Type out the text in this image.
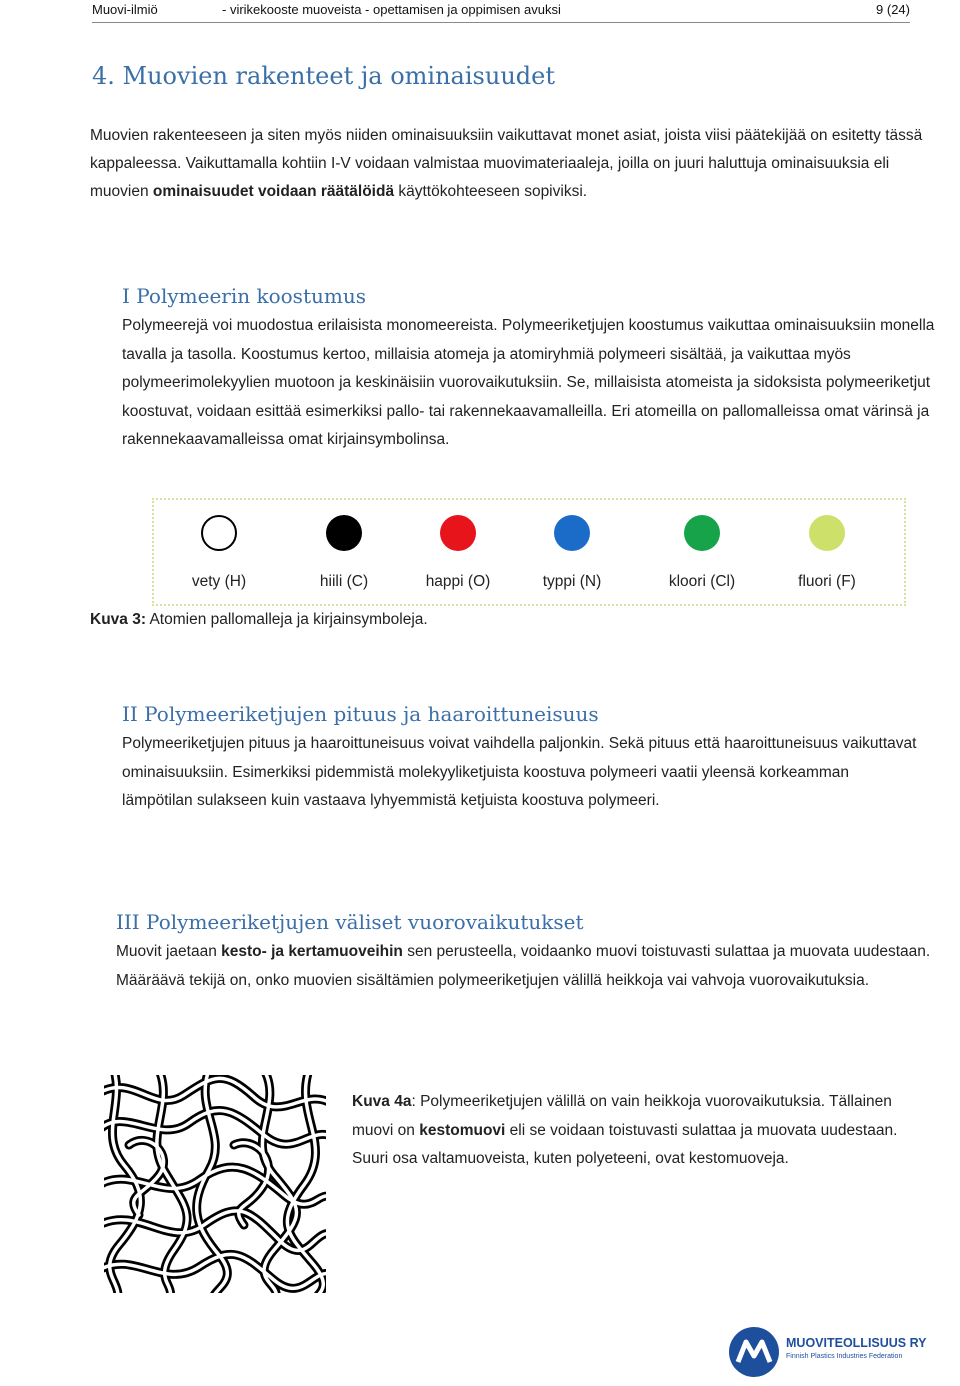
Muovi-ilmiö	- virikekooste muoveista - opettamisen ja oppimisen avuksi	9 (24)
4. Muovien rakenteet ja ominaisuudet

Muovien rakenteeseen ja siten myös niiden ominaisuuksiin vaikuttavat monet asiat, joista viisi päätekijää on esitetty tässä kappaleessa. Vaikuttamalla kohtiin I-V voidaan valmistaa muovimateriaaleja, joilla on juuri haluttuja ominaisuuksia eli muovien ominaisuudet voidaan räätälöidä käyttökohteeseen sopiviksi.

I Polymeerin koostumus

Polymeerejä voi muodostua erilaisista monomeereista. Polymeeriketjujen koostumus vaikuttaa ominaisuuksiin monella tavalla ja tasolla. Koostumus kertoo, millaisia atomeja ja atomiryhmiä polymeeri sisältää, ja vaikuttaa myös polymeerimolekyylien muotoon ja keskinäisiin vuorovaikutuksiin. Se, millaisista atomeista ja sidoksista polymeeriketjut koostuvat, voidaan esittää esimerkiksi pallo- tai rakennekaavamalleilla. Eri atomeilla on pallomalleissa omat värinsä ja rakennekaavamalleissa omat kirjainsymbolinsa.

vety (H)	hiili (C)	happi (O)	typpi (N)	kloori (Cl)	fluori (F)

Kuva 3: Atomien pallomalleja ja kirjainsymboleja.

II Polymeeriketjujen pituus ja haaroittuneisuus

Polymeeriketjujen pituus ja haaroittuneisuus voivat vaihdella paljonkin. Sekä pituus että haaroittuneisuus vaikuttavat ominaisuuksiin. Esimerkiksi pidemmistä molekyyliketjuista koostuva polymeeri vaatii yleensä korkeamman lämpötilan sulakseen kuin vastaava lyhyemmistä ketjuista koostuva polymeeri.

III Polymeeriketjujen väliset vuorovaikutukset

Muovit jaetaan kesto- ja kertamuoveihin sen perusteella, voidaanko muovi toistuvasti sulattaa ja muovata uudestaan. Määräävä tekijä on, onko muovien sisältämien polymeeriketjujen välillä heikkoja vai vahvoja vuorovaikutuksia.

Kuva 4a: Polymeeriketjujen välillä on vain heikkoja vuorovaikutuksia. Tällainen muovi on kestomuovi eli se voidaan toistuvasti sulattaa ja muovata uudestaan. Suuri osa valtamuoveista, kuten polyeteeni, ovat kestomuoveja.

MUOVITEOLLISUUS RY
Finnish Plastics Industries Federation
